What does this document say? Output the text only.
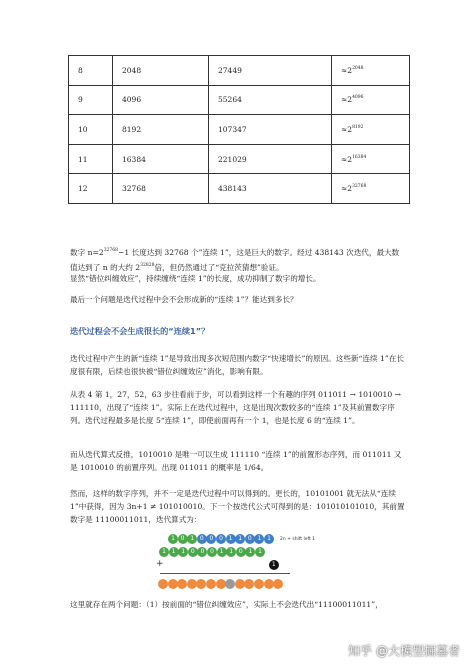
8	2048	27449	$\approx 2^{2048}$
9	4096	55264	$\approx 2^{4096}$
10	8192	107347	$\approx 2^{8192}$
11	16384	221029	$\approx 2^{16384}$
12	32768	438143	$\approx 2^{32768}$

数字 $n=2^{32768}-1$ 长度达到 32768 个”连续 1”，这是巨大的数字。经过 438143 次迭代，最大数值达到了 n 的大约 $2^{32828}$倍，但仍然通过了“克拉茨猜想”验证。

显然“错位纠缠效应”，持续缠绕“连续 1”的长度，成功抑制了数字的增长。

最后一个问题是迭代过程中会不会形成新的“连续 1”？能达到多长？

迭代过程会不会生成很长的“连续1”？

迭代过程中产生的新“连续 1”是导致出现多次短范围内数字“快速增长”的原因。这些新“连续 1”在长度很有限，后续也很快被“错位纠缠效应”消化，影响有限。

从表 4 第 1，27，52，63 步往看前于步，可以看到这样一个有趣的序列 011011 → 1010010 → 111110，出现了“连续 1”。实际上在迭代过程中，这是出现次数较多的“连续 1”及其前置数字序列。迭代过程最多是长度 5“连续 1”，即使前面再有一个 1，也是长度 6 的“连续 1”。

而从迭代算式反推，1010010 是唯一可以生成 111110 “连续 1”的前置形态序列，而 011011 又是 1010010 的前置序列。出现 011011 的概率是 1/64。

然而，这样的数字序列，并不一定是迭代过程中可以得到的。更长的，10101001 就无法从“连续 1”中获得，因为 3n+1 ≠ 101010010。下一个按迭代公式可得到的是：101010101010，其前置数字是 11100011011，迭代算式为：

1 0 1 0 0 0 1 1 0 1 1
1 1 1 0 0 0 1 1 0 1 1
1
2n + shift left 1
+

这里就存在两个问题：（1）按前面的“错位纠缠效应”，实际上不会迭代出“11100011011”，

知乎 @大模型掘墓者
